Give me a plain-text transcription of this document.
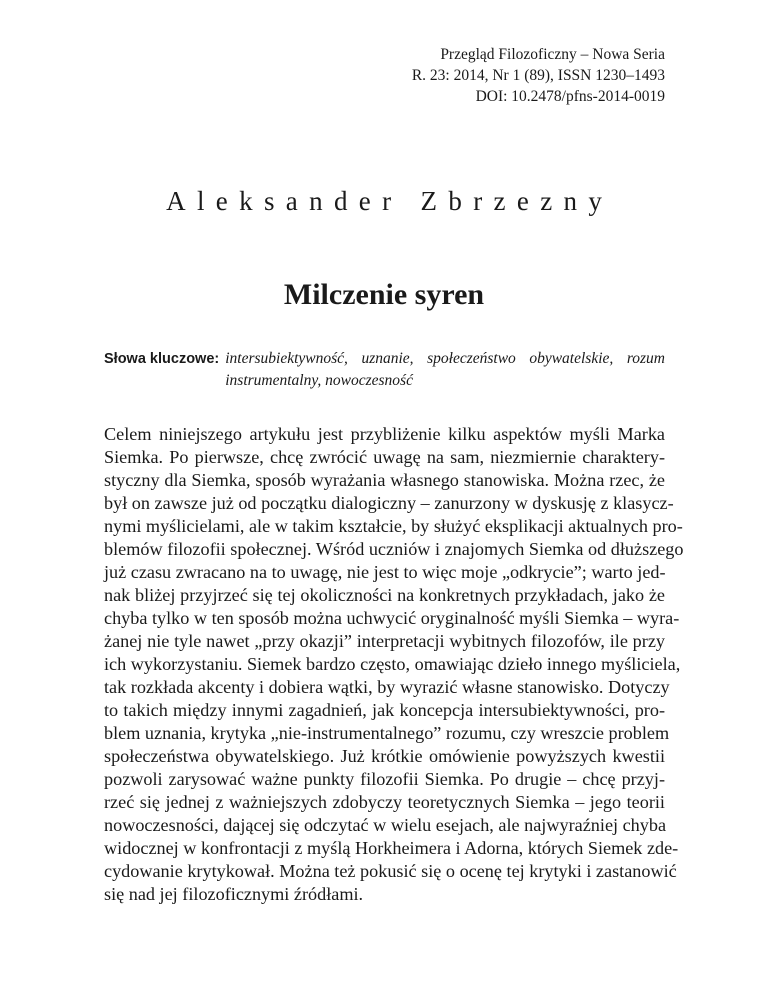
Przegląd Filozoficzny – Nowa Seria
R. 23: 2014, Nr 1 (89), ISSN 1230–1493
DOI: 10.2478/pfns-2014-0019
Aleksander Zbrzezny
Milczenie syren
Słowa kluczowe: intersubiektywność, uznanie, społeczeństwo obywatelskie, rozum instrumentalny, nowoczesność
Celem niniejszego artykułu jest przybliżenie kilku aspektów myśli Marka
Siemka. Po pierwsze, chcę zwrócić uwagę na sam, niezmiernie charaktery-
styczny dla Siemka, sposób wyrażania własnego stanowiska. Można rzec, że
był on zawsze już od początku dialogiczny – zanurzony w dyskusję z klasycz-
nymi myślicielami, ale w takim kształcie, by służyć eksplikacji aktualnych pro-
blemów filozofii społecznej. Wśród uczniów i znajomych Siemka od dłuższego
już czasu zwracano na to uwagę, nie jest to więc moje „odkrycie”; warto jed-
nak bliżej przyjrzeć się tej okoliczności na konkretnych przykładach, jako że
chyba tylko w ten sposób można uchwycić oryginalność myśli Siemka – wyra-
żanej nie tyle nawet „przy okazji” interpretacji wybitnych filozofów, ile przy
ich wykorzystaniu. Siemek bardzo często, omawiając dzieło innego myśliciela,
tak rozkłada akcenty i dobiera wątki, by wyrazić własne stanowisko. Dotyczy
to takich między innymi zagadnień, jak koncepcja intersubiektywności, pro-
blem uznania, krytyka „nie-instrumentalnego” rozumu, czy wreszcie problem
społeczeństwa obywatelskiego. Już krótkie omówienie powyższych kwestii
pozwoli zarysować ważne punkty filozofii Siemka. Po drugie – chcę przyj-
rzeć się jednej z ważniejszych zdobyczy teoretycznych Siemka – jego teorii
nowoczesności, dającej się odczytać w wielu esejach, ale najwyraźniej chyba
widocznej w konfrontacji z myślą Horkheimera i Adorna, których Siemek zde-
cydowanie krytykował. Można też pokusić się o ocenę tej krytyki i zastanowić
się nad jej filozoficznymi źródłami.
